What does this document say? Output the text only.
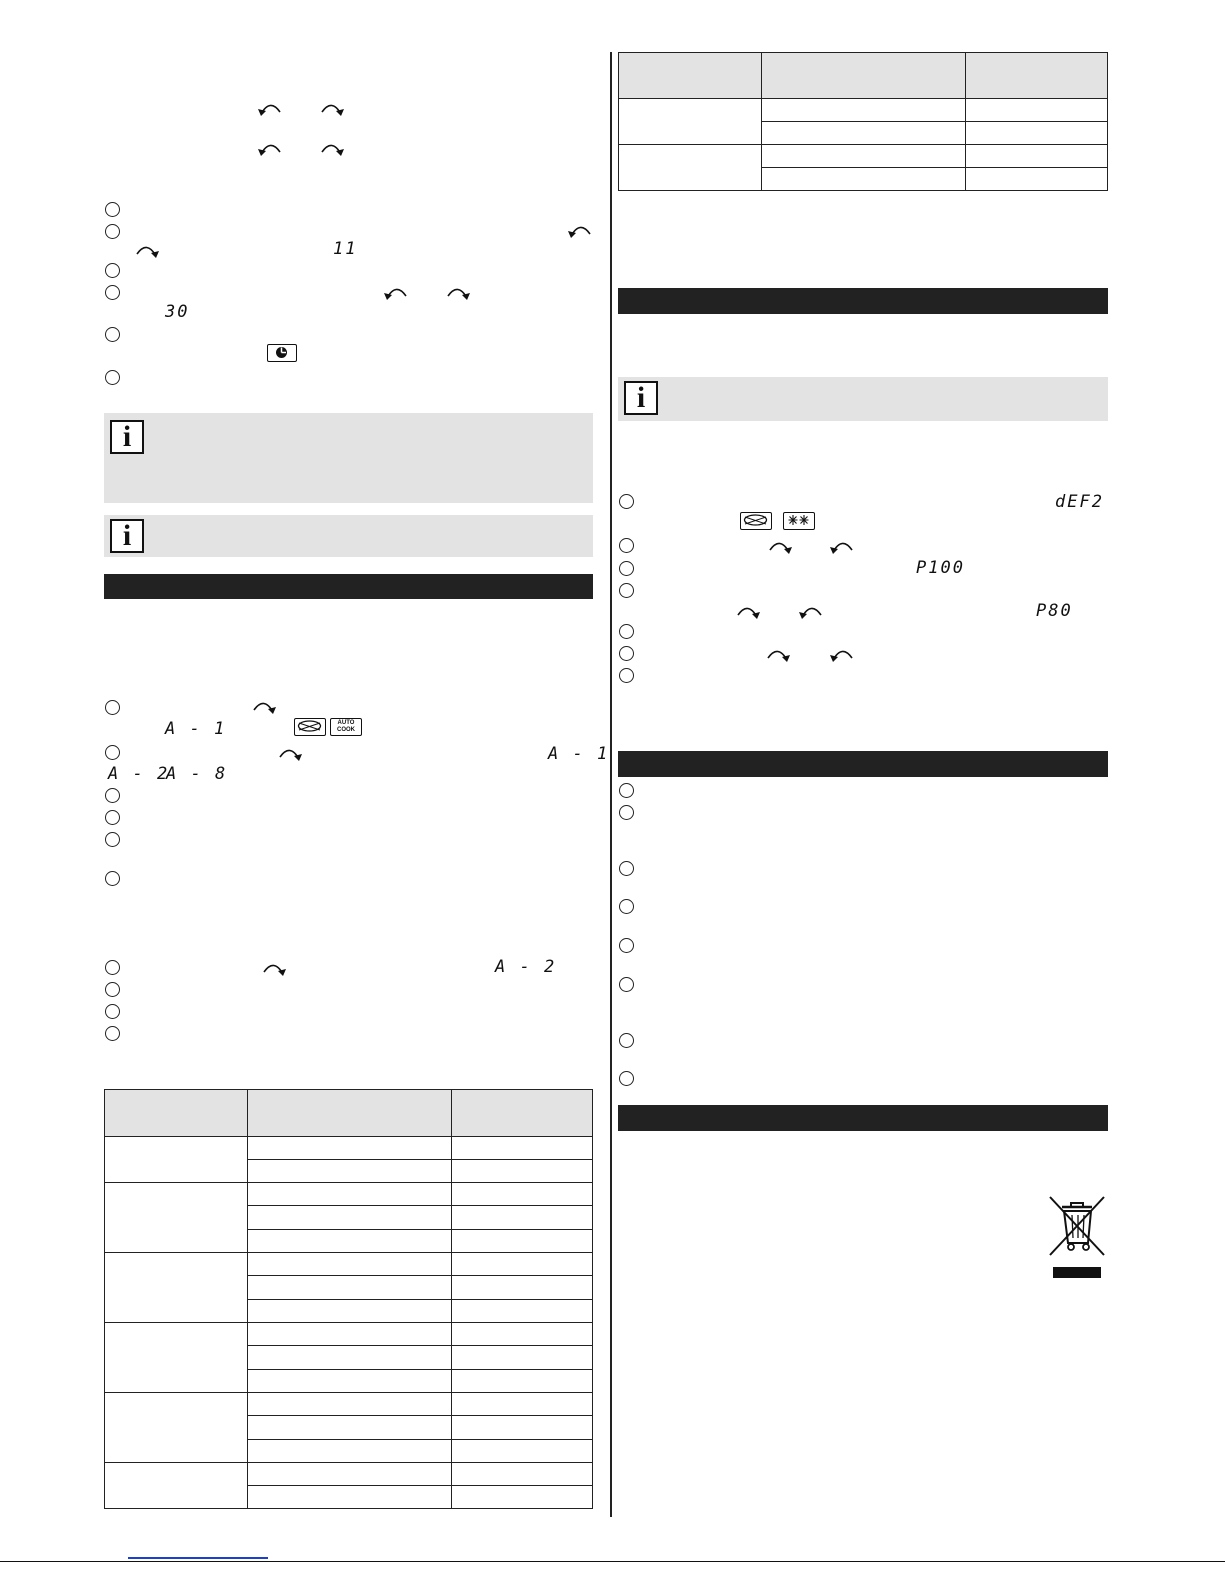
11
30
i
i
A - 1	AUTO COOK
A - 1
A - 2
A - 8
A - 2

i
dEF2
P100
P80
